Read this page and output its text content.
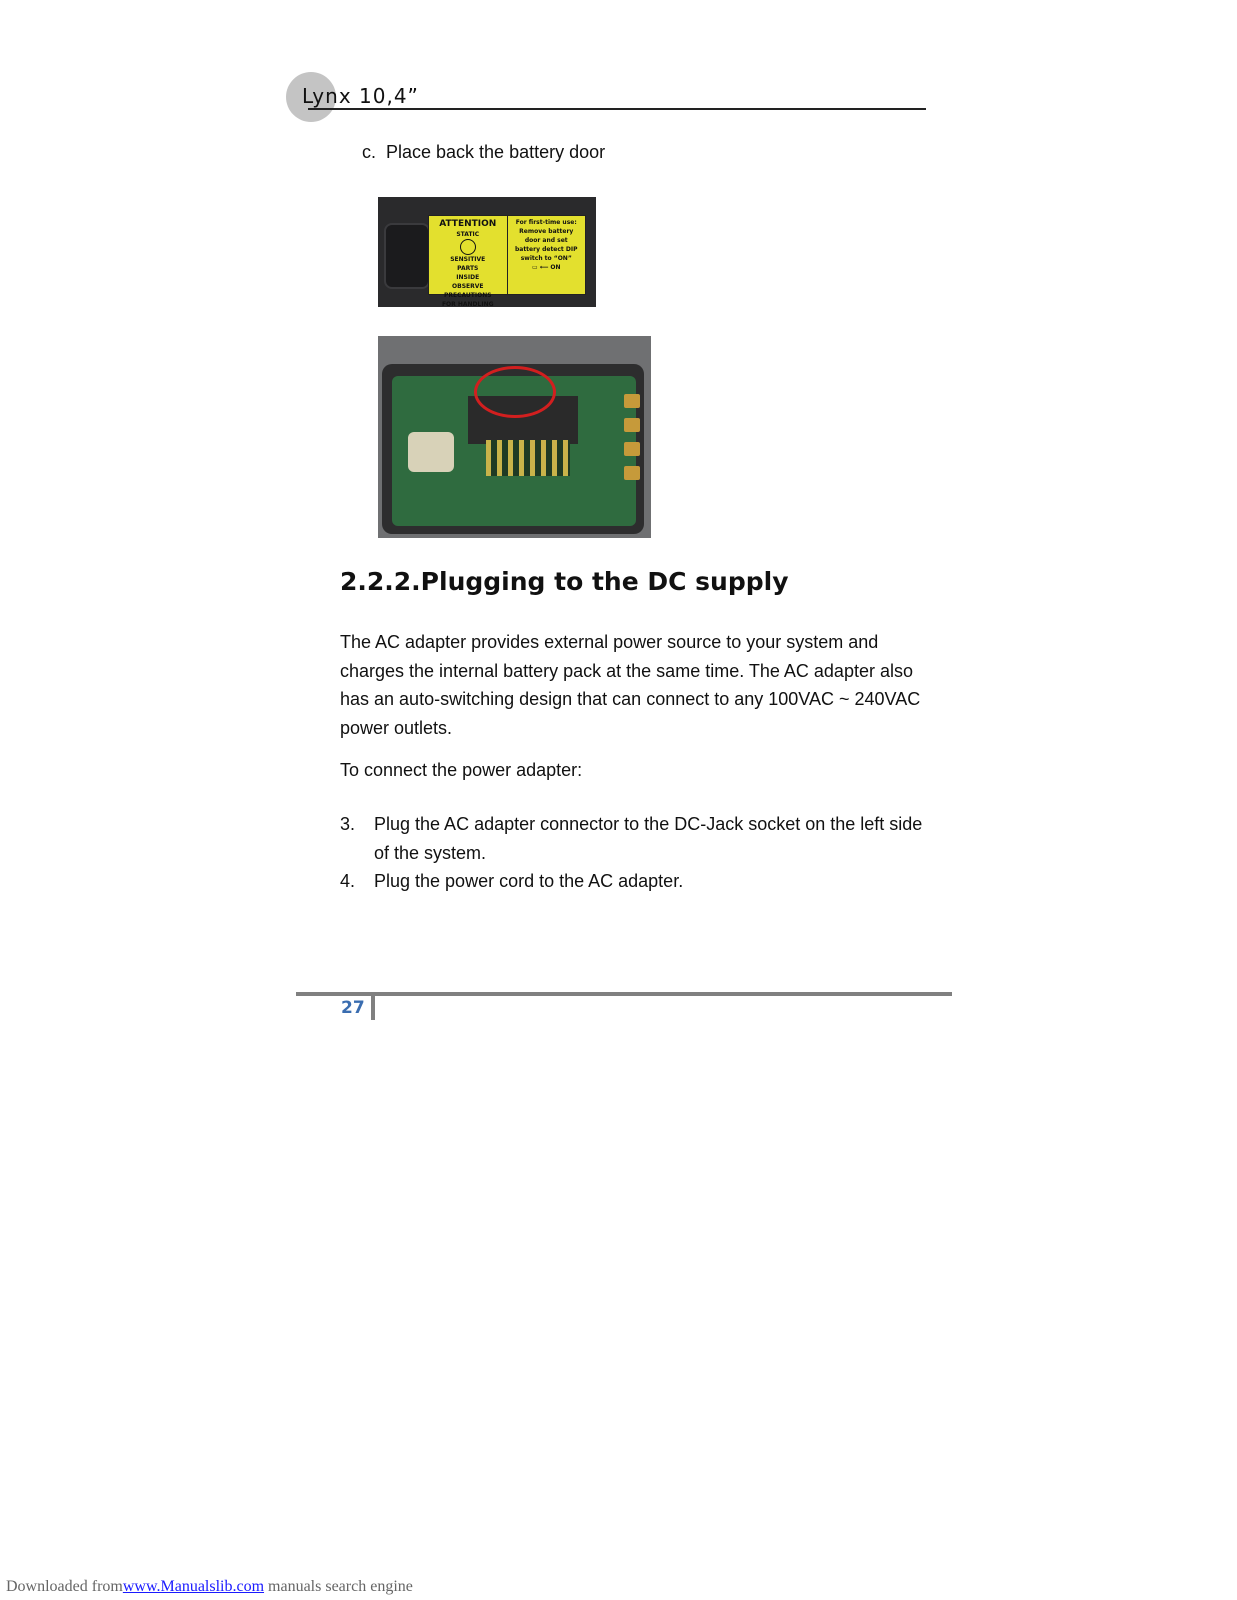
Lynx 10,4”
c. Place back the battery door
ATTENTION
STATIC
SENSITIVE
PARTS
INSIDE
OBSERVE PRECAUTIONS
FOR HANDLING
For first-time use:
Remove battery
door and set
battery detect DIP
switch to “ON”
▭ ⟵ ON
2.2.2.Plugging to the DC supply
The AC adapter provides external power source to your system and charges the internal battery pack at the same time. The AC adapter also has an auto-switching design that can connect to any 100VAC ~ 240VAC power outlets.
To connect the power adapter:
3.	Plug the AC adapter connector to the DC-Jack socket on the left side of the system.
4.	Plug the power cord to the AC adapter.
27
Downloaded fromwww.Manualslib.com manuals search engine
